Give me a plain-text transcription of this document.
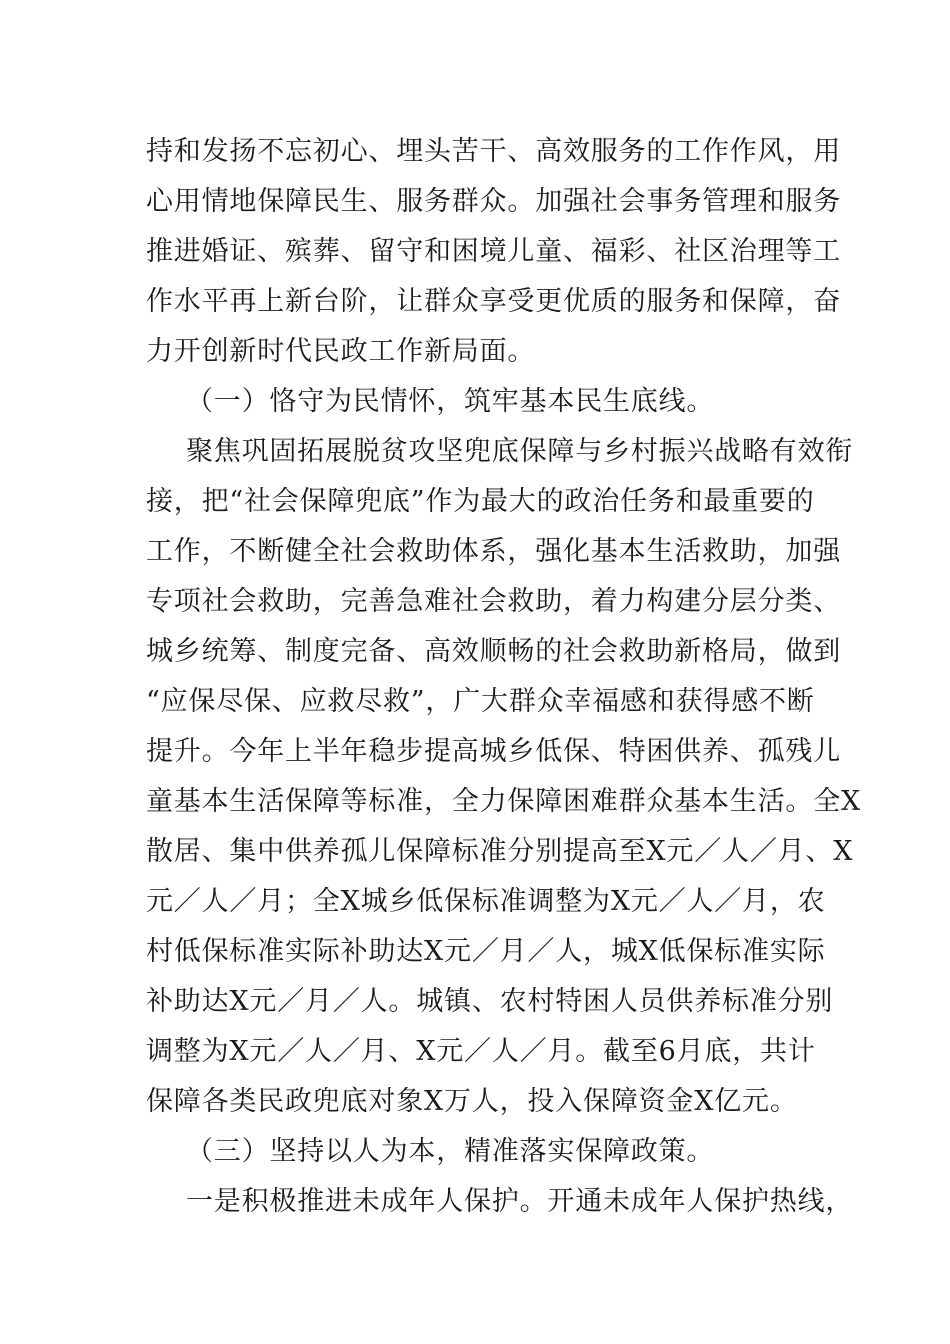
持和发扬不忘初心、埋头苦干、高效服务的工作作风，用
心用情地保障民生、服务群众。加强社会事务管理和服务
推进婚证、殡葬、留守和困境儿童、福彩、社区治理等工
作水平再上新台阶，让群众享受更优质的服务和保障，奋
力开创新时代民政工作新局面。
（一）恪守为民情怀，筑牢基本民生底线。
聚焦巩固拓展脱贫攻坚兜底保障与乡村振兴战略有效衔
接，把“社会保障兜底”作为最大的政治任务和最重要的
工作，不断健全社会救助体系，强化基本生活救助，加强
专项社会救助，完善急难社会救助，着力构建分层分类、
城乡统筹、制度完备、高效顺畅的社会救助新格局，做到
“应保尽保、应救尽救”，广大群众幸福感和获得感不断
提升。今年上半年稳步提高城乡低保、特困供养、孤残儿
童基本生活保障等标准，全力保障困难群众基本生活。全X
散居、集中供养孤儿保障标准分别提高至X元／人／月、X
元／人／月；全X城乡低保标准调整为X元／人／月，农
村低保标准实际补助达X元／月／人，城X低保标准实际
补助达X元／月／人。城镇、农村特困人员供养标准分别
调整为X元／人／月、X元／人／月。截至6月底，共计
保障各类民政兜底对象X万人，投入保障资金X亿元。
（三）坚持以人为本，精准落实保障政策。
一是积极推进未成年人保护。开通未成年人保护热线，
